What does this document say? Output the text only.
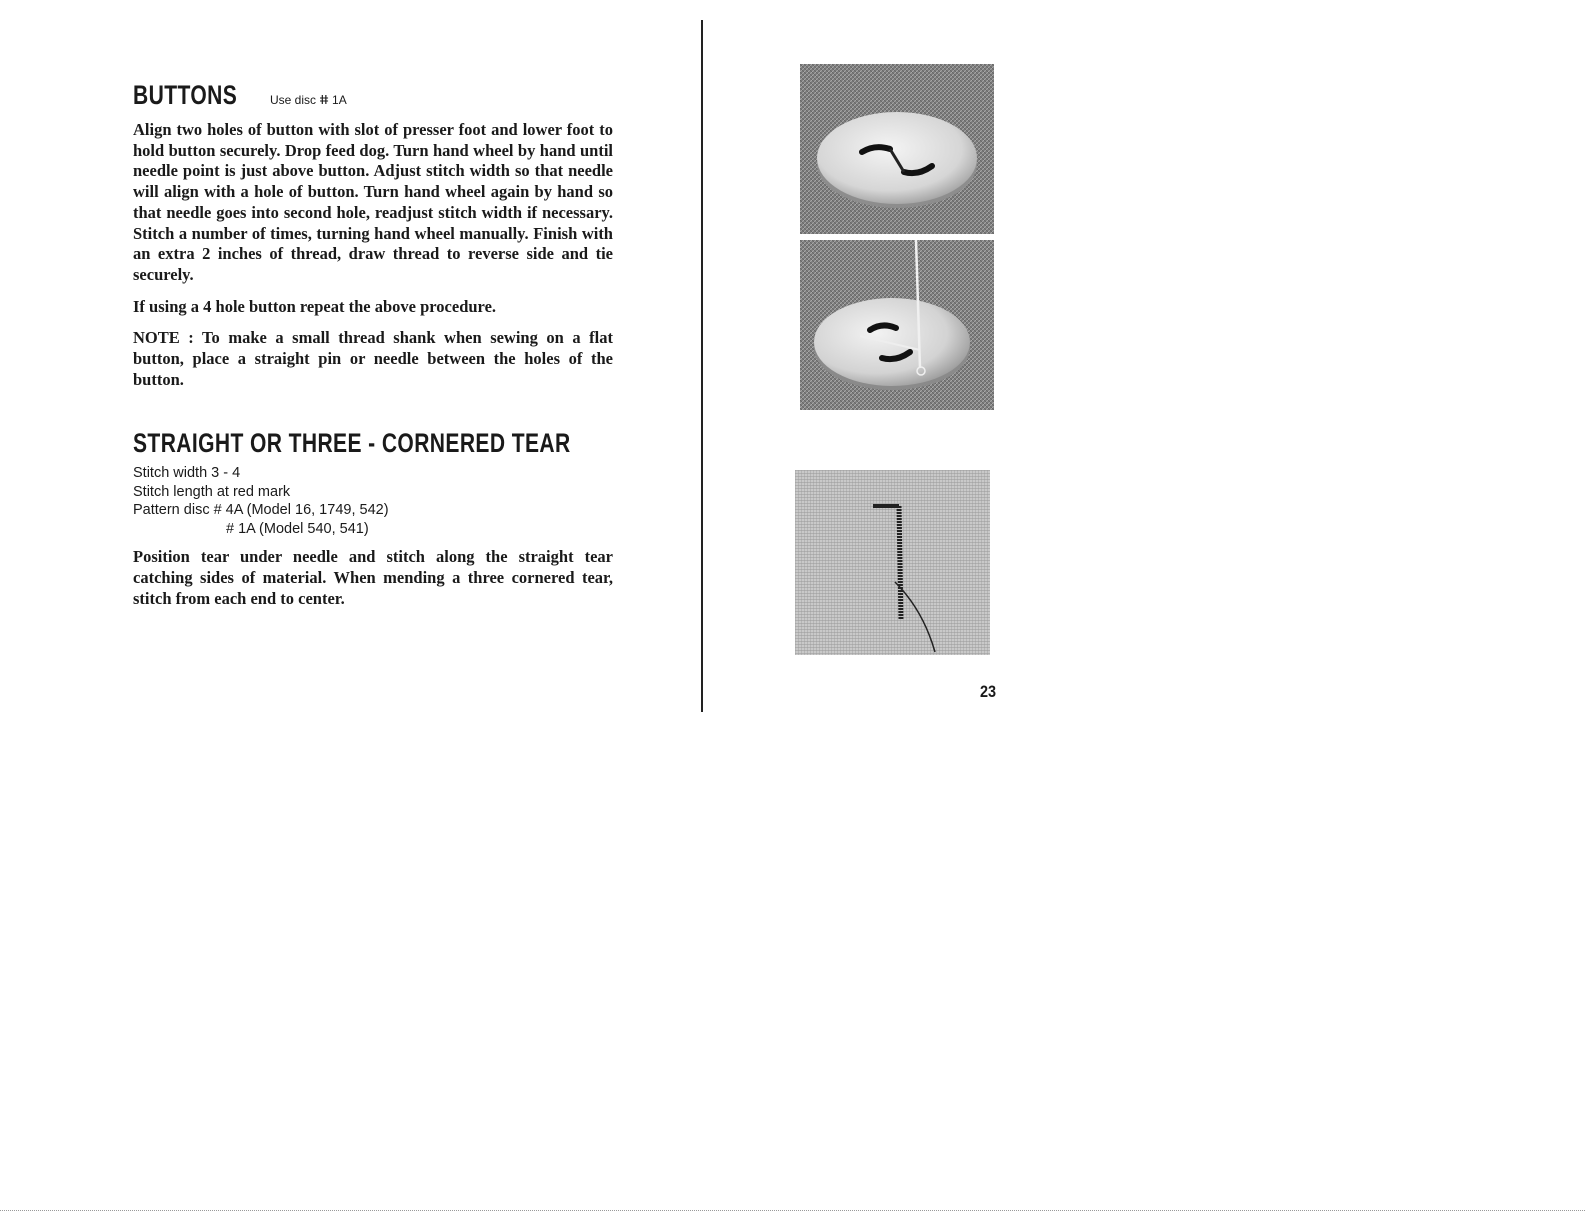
BUTTONS	Use disc ⵌ 1A

Align two holes of button with slot of presser foot and lower foot to hold button securely. Drop feed dog. Turn hand wheel by hand until needle point is just above button. Adjust stitch width so that needle will align with a hole of button. Turn hand wheel again by hand so that needle goes into second hole, readjust stitch width if necessary. Stitch a number of times, turning hand wheel manually. Finish with an extra 2 inches of thread, draw thread to reverse side and tie securely.

If using a 4 hole button repeat the above procedure.

NOTE : To make a small thread shank when sewing on a flat button, place a straight pin or needle between the holes of the button.

STRAIGHT OR THREE - CORNERED TEAR
Stitch width 3 - 4
Stitch length at red mark
Pattern disc # 4A (Model 16, 1749, 542)
# 1A (Model 540, 541)

Position tear under needle and stitch along the straight tear catching sides of material. When mending a three cornered tear, stitch from each end to center.

23
